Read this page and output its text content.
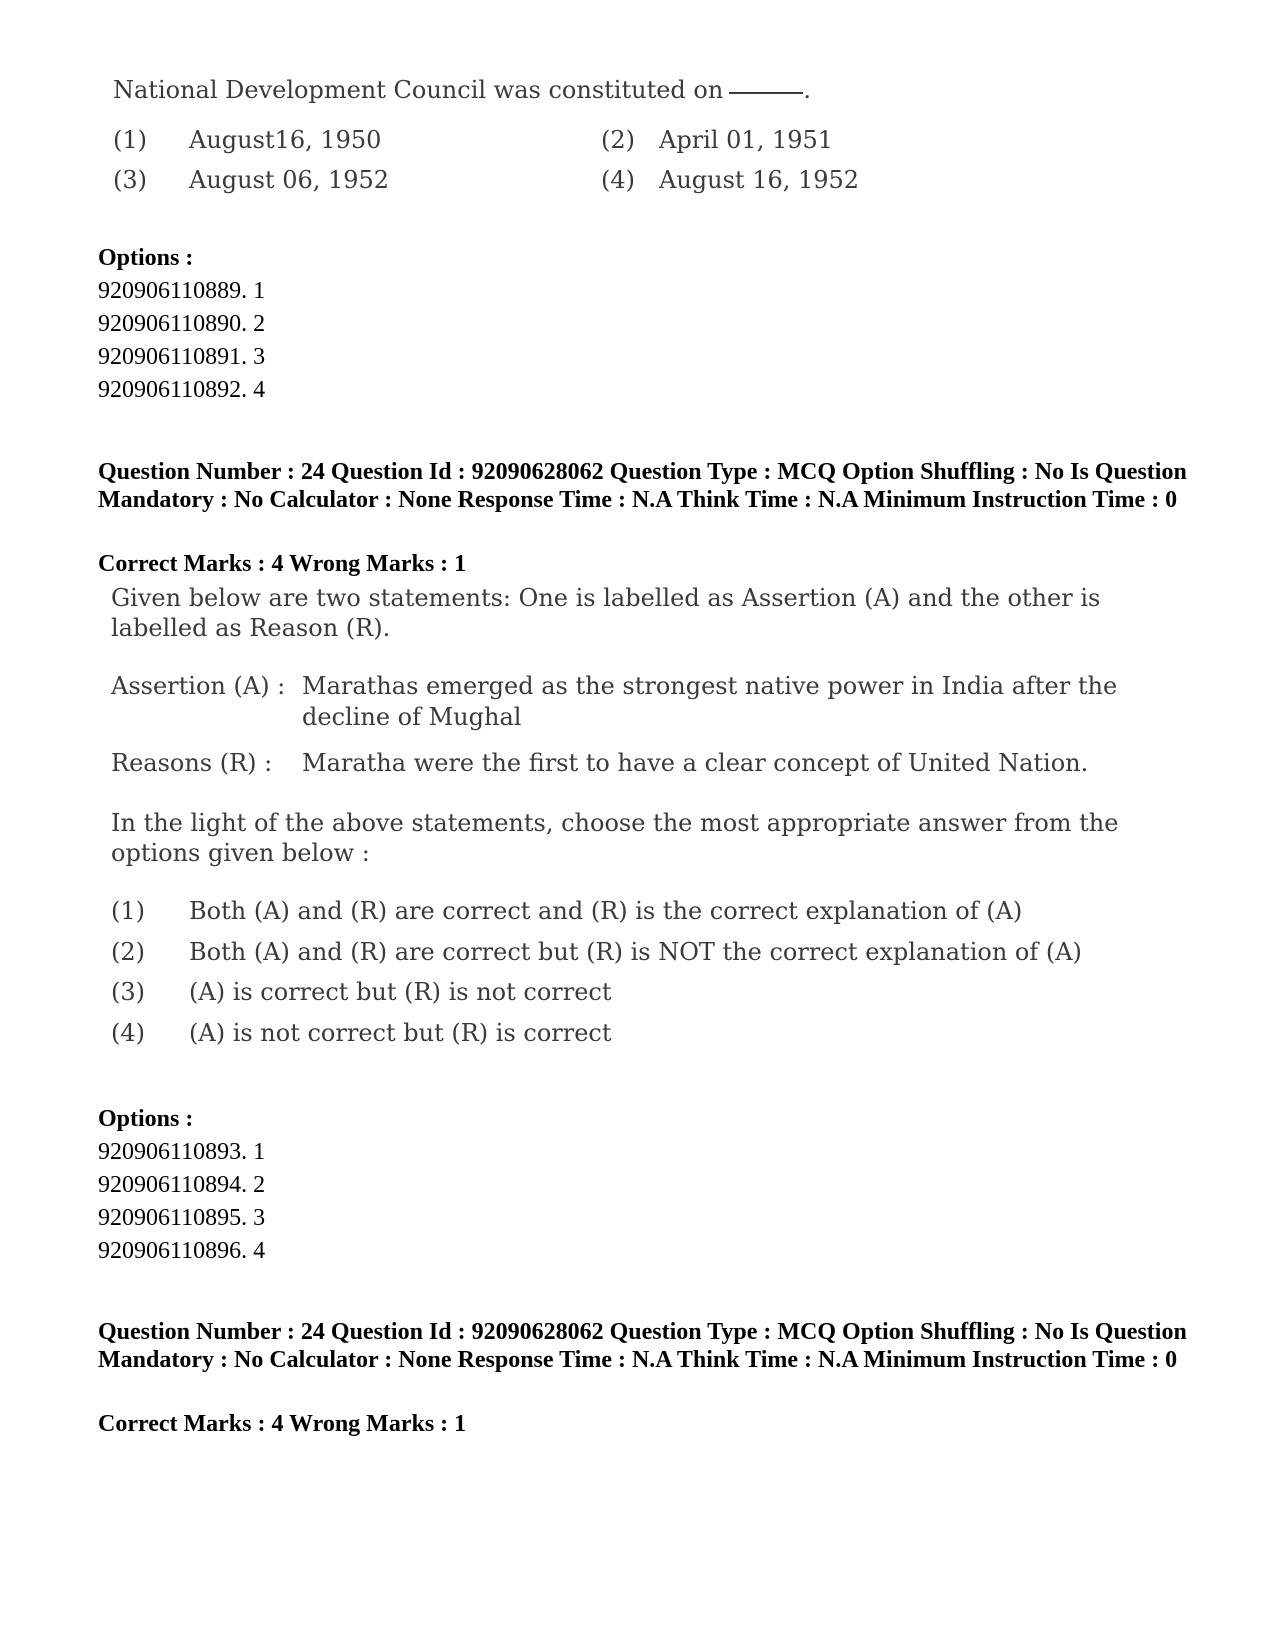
National Development Council was constituted on	.
(1) August16, 1950	(2) April 01, 1951
(3) August 06, 1952	(4) August 16, 1952
Options :
920906110889. 1
920906110890. 2
920906110891. 3
920906110892. 4
Question Number : 24 Question Id : 92090628062 Question Type : MCQ Option Shuffling : No Is Question Mandatory : No Calculator : None Response Time : N.A Think Time : N.A Minimum Instruction Time : 0
Correct Marks : 4 Wrong Marks : 1
Given below are two statements: One is labelled as Assertion (A) and the other is
labelled as Reason (R).
Assertion (A) : Marathas emerged as the strongest native power in India after the
decline of Mughal
Reasons (R) : Maratha were the first to have a clear concept of United Nation.
In the light of the above statements, choose the most appropriate answer from the
options given below :
(1) Both (A) and (R) are correct and (R) is the correct explanation of (A)
(2) Both (A) and (R) are correct but (R) is NOT the correct explanation of (A)
(3) (A) is correct but (R) is not correct
(4) (A) is not correct but (R) is correct
Options :
920906110893. 1
920906110894. 2
920906110895. 3
920906110896. 4
Question Number : 24 Question Id : 92090628062 Question Type : MCQ Option Shuffling : No Is Question Mandatory : No Calculator : None Response Time : N.A Think Time : N.A Minimum Instruction Time : 0
Correct Marks : 4 Wrong Marks : 1
